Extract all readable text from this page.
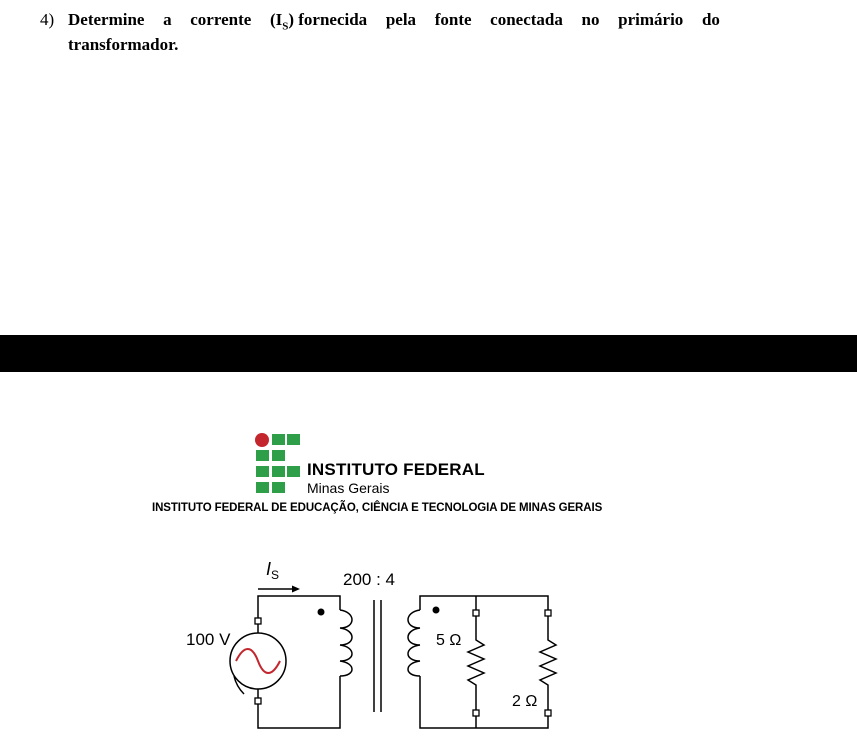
4) Determine a corrente $(I_S)$ fornecida pela fonte conectada no primário do
transformador.
INSTITUTO FEDERAL
Minas Gerais
INSTITUTO FEDERAL DE EDUCAÇÃO, CIÊNCIA E TECNOLOGIA DE MINAS GERAIS
$I_S$	200 : 4
100 V	5 Ω
2 Ω
